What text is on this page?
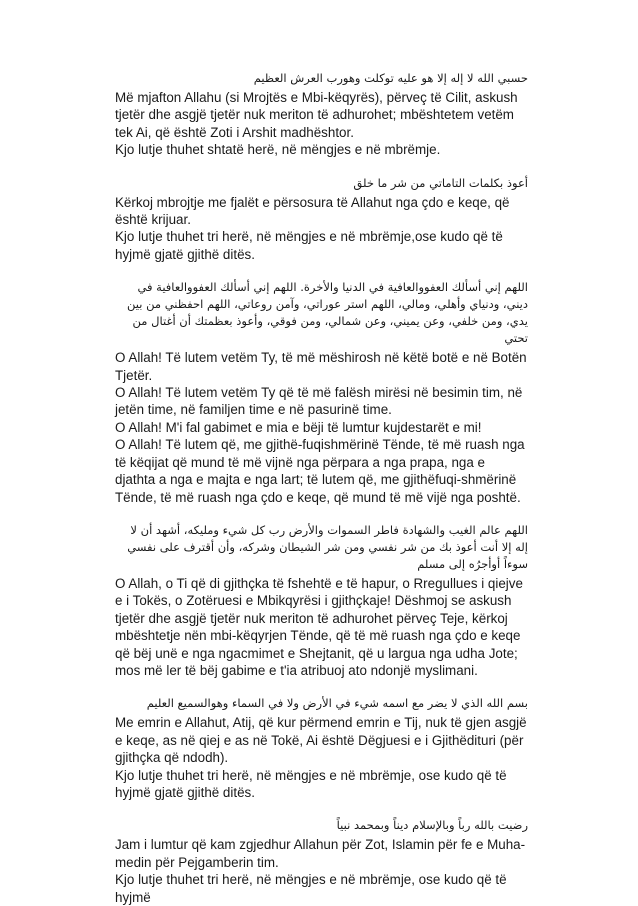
حسبي الله لا إله إلا هو عليه توكلت وهورب العرش العظيم

Më mjafton Allahu (si Mrojtës e Mbi-këqyrës), përveç të Cilit, askush tjetër dhe asgjë tjetër nuk meriton të adhurohet; mbështetem vetëm tek Ai, që është Zoti i Arshit madhështor.

Kjo lutje thuhet shtatë herë, në mëngjes e në mbrëmje.

أعوذ بكلمات التاماتي من شر ما خلق

Kërkoj mbrojtje me fjalët e përsosura të Allahut nga çdo e keqe, që është krijuar.

Kjo lutje thuhet tri herë, në mëngjes e në mbrëmje,ose kudo që të hyjmë gjatë gjithë ditës.

اللهم إني أسألك العفووالعافية في الدنيا والأخرة. اللهم إني أسألك العفووالعافية في ديني، ودنياي وأهلي، ومالي، اللهم استر عوراتي، وآمن روعاتي، اللهم احفظني من بين يدي، ومن خلفي، وعن يميني، وعن شمالي، ومن فوقي، وأعوذ بعظمتك أن أغتال من تحتي

O Allah! Të lutem vetëm Ty, të më mëshirosh në këtë botë e në Botën Tjetër.

O Allah! Të lutem vetëm Ty që të më falësh mirësi në besimin tim, në jetën time, në familjen time e në pasurinë time.

O Allah! M'i fal gabimet e mia e bëji të lumtur kujdestarët e mi!

O Allah! Të lutem që, me gjithë-fuqishmërinë Tënde, të më ruash nga të këqijat që mund të më vijnë nga përpara a nga prapa, nga e djathta a nga e majta e nga lart; të lutem që, me gjithëfuqi-shmërinë Tënde, të më ruash nga çdo e keqe, që mund të më vijë nga poshtë.

اللهم عالم الغيب والشهادة فاطر السموات والأرض رب كل شيء ومليكه، أشهد أن لا إله إلا أنت أعوذ بك من شر نفسي ومن شر الشيطان وشركه، وأن أقترف على نفسي سوءاً أوأجرُه إلى مسلم

O Allah, o Ti që di gjithçka të fshehtë e të hapur, o Rregullues i qiejve e i Tokës, o Zotëruesi e Mbikqyrësi i gjithçkaje! Dëshmoj se askush tjetër dhe asgjë tjetër nuk meriton të adhurohet përveç Teje, kërkoj mbështetje nën mbi-këqyrjen Tënde, që të më ruash nga çdo e keqe që bëj unë e nga ngacmimet e Shejtanit, që u largua nga udha Jote; mos më ler të bëj gabime e t'ia atribuoj ato ndonjë myslimani.

بسم الله الذي لا يضر مع اسمه شيء في الأرض ولا في السماء وهوالسميع العليم

Me emrin e Allahut, Atij, që kur përmend emrin e Tij, nuk të gjen asgjë e keqe, as në qiej e as në Tokë, Ai është Dëgjuesi e i Gjithëdituri (për gjithçka që ndodh).

Kjo lutje thuhet tri herë, në mëngjes e në mbrëmje, ose kudo që të hyjmë gjatë gjithë ditës.

رضيت بالله رباً وبالإسلام ديناً وبمحمد نبياً

Jam i lumtur që kam zgjedhur Allahun për Zot, Islamin për fe e Muha-medin për Pejgamberin tim.

Kjo lutje thuhet tri herë, në mëngjes e në mbrëmje, ose kudo që të hyjmë
